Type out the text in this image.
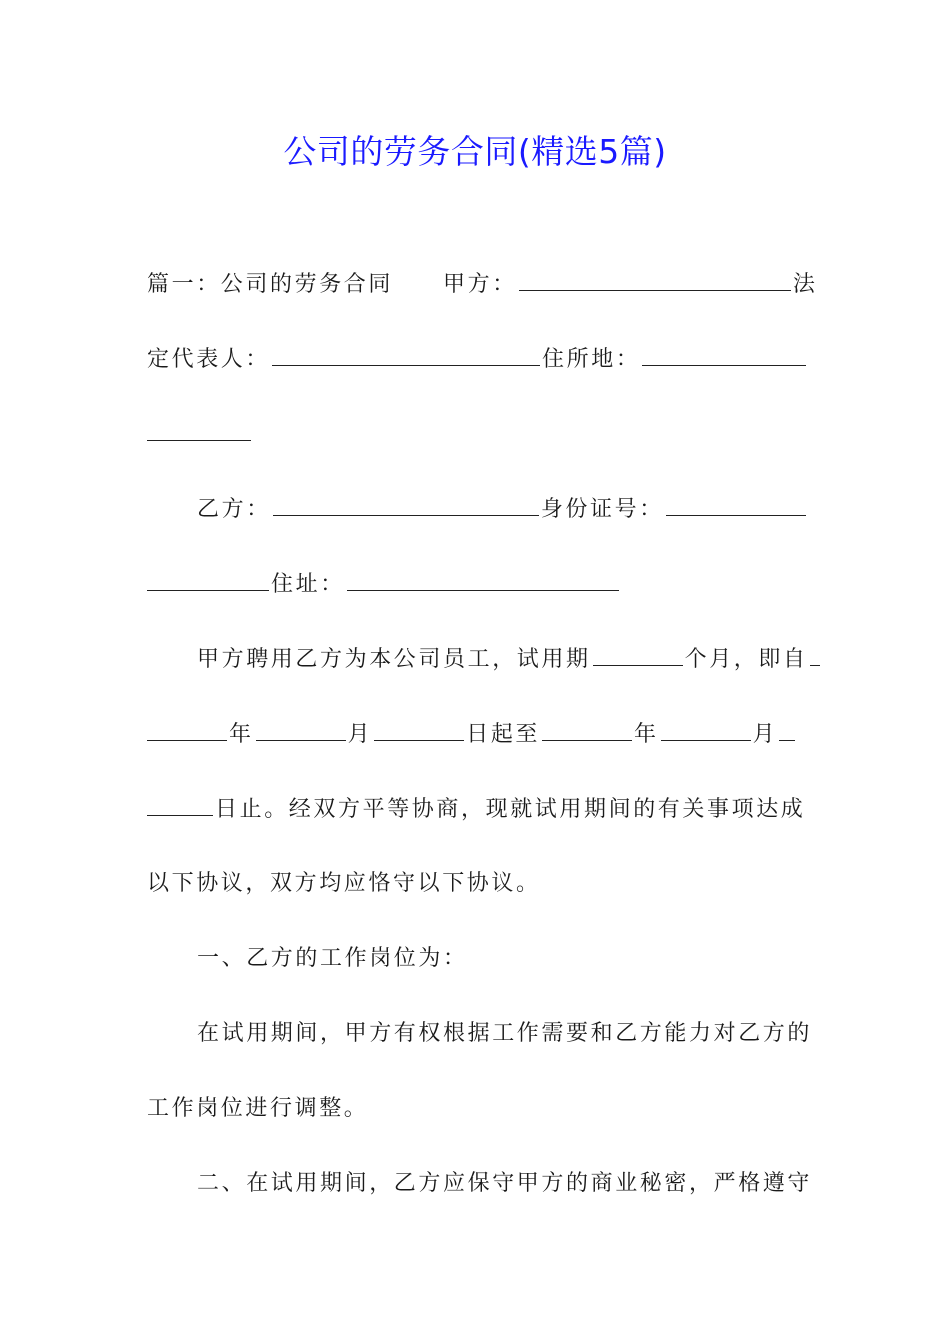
公司的劳务合同(精选5篇)
篇一：公司的劳务合同 甲方：	法
定代表人：	住所地：
乙方：	身份证号：
住址：
甲方聘用乙方为本公司员工，试用期	个月，即自
年	月	日起至	年	月
日止。经双方平等协商，现就试用期间的有关事项达成
以下协议，双方均应恪守以下协议。
一、乙方的工作岗位为：
在试用期间，甲方有权根据工作需要和乙方能力对乙方的
工作岗位进行调整。
二、在试用期间，乙方应保守甲方的商业秘密，严格遵守
